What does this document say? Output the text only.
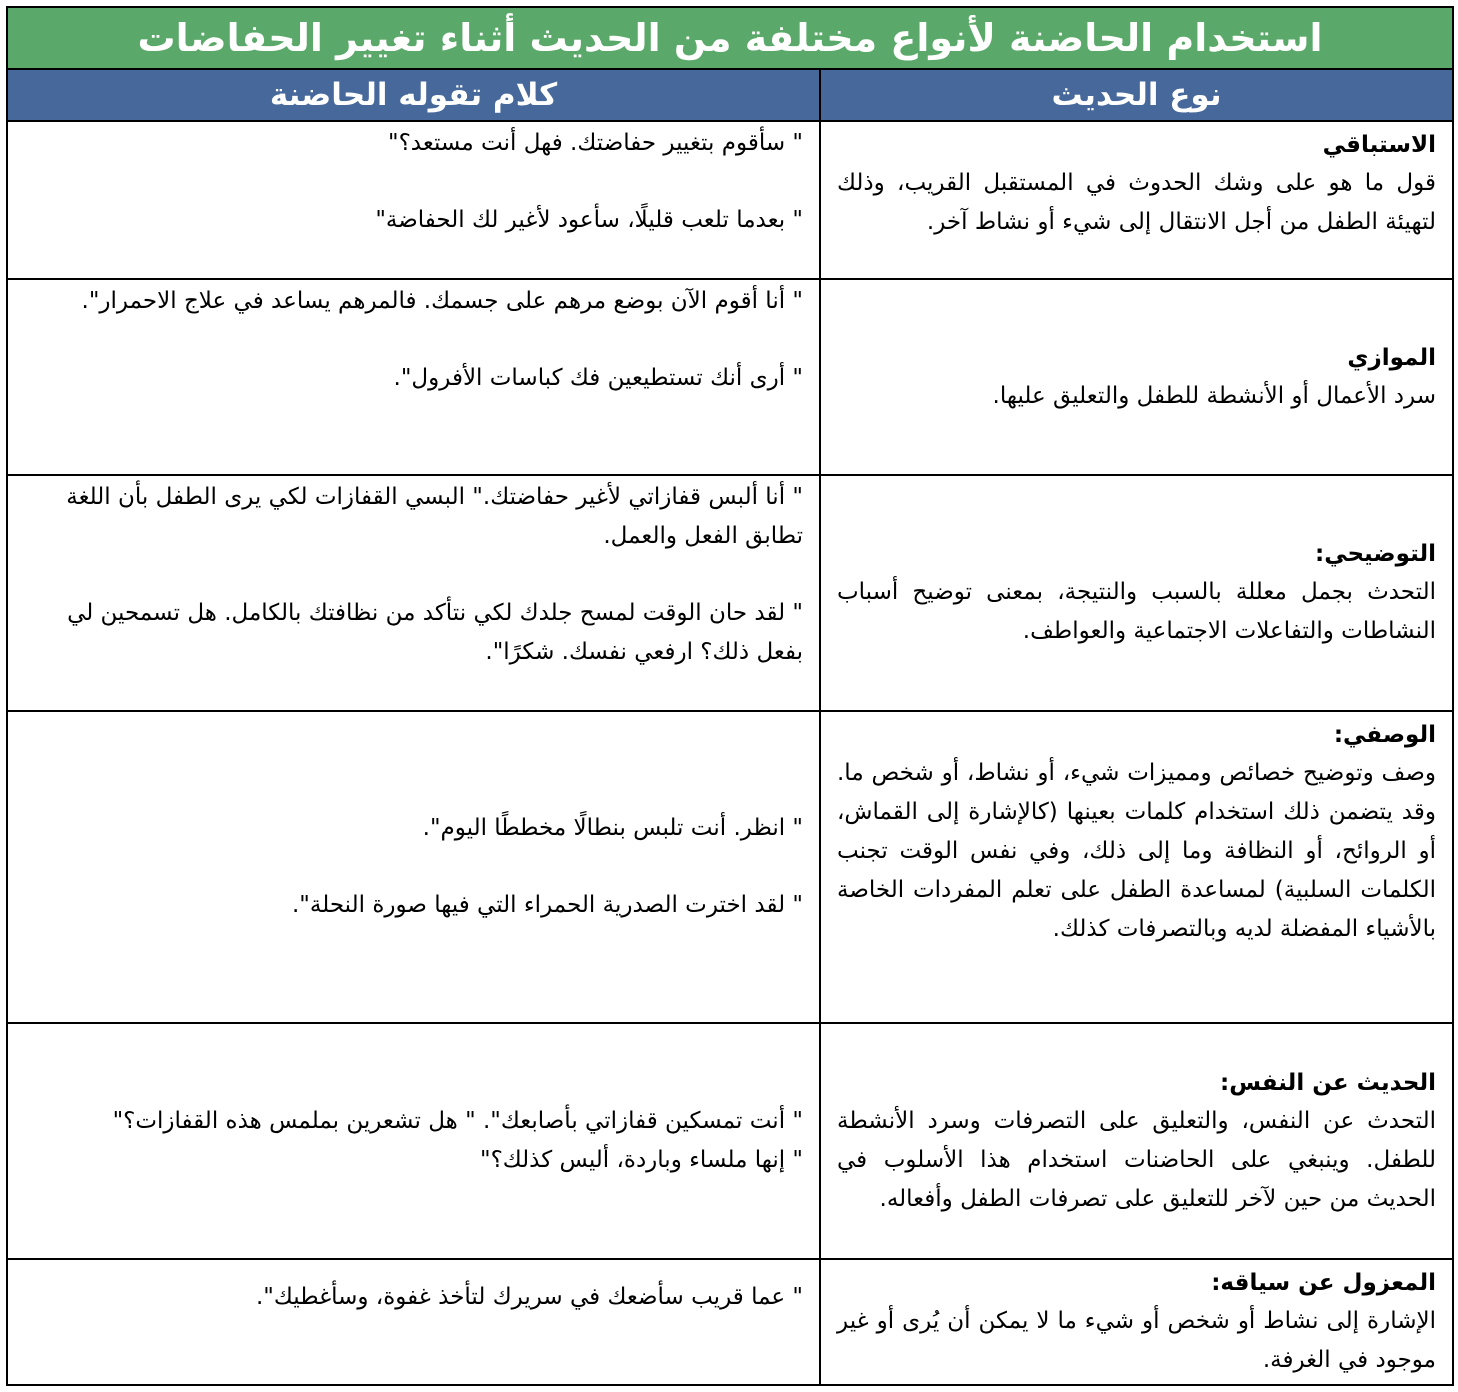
استخدام الحاضنة لأنواع مختلفة من الحديث أثناء تغيير الحفاضات	
نوع الحديث	كلام تقوله الحاضنة

الاستباقي
قول ما هو على وشك الحدوث في المستقبل القريب، وذلك لتهيئة الطفل من أجل الانتقال إلى شيء أو نشاط آخر.	" سأقوم بتغيير حفاضتك. فهل أنت مستعد؟"
" بعدما تلعب قليلًا، سأعود لأغير لك الحفاضة"

الموازي
سرد الأعمال أو الأنشطة للطفل والتعليق عليها.	" أنا أقوم الآن بوضع مرهم على جسمك. فالمرهم يساعد في علاج الاحمرار".
" أرى أنك تستطيعين فك كباسات الأفرول".

التوضيحي:
التحدث بجمل معللة بالسبب والنتيجة، بمعنى توضيح أسباب النشاطات والتفاعلات الاجتماعية والعواطف.	" أنا ألبس قفازاتي لأغير حفاضتك." البسي القفازات لكي يرى الطفل بأن اللغة تطابق الفعل والعمل.
" لقد حان الوقت لمسح جلدك لكي نتأكد من نظافتك بالكامل. هل تسمحين لي بفعل ذلك؟ ارفعي نفسك. شكرًا".

الوصفي:
وصف وتوضيح خصائص ومميزات شيء، أو نشاط، أو شخص ما. وقد يتضمن ذلك استخدام كلمات بعينها (كالإشارة إلى القماش، أو الروائح، أو النظافة وما إلى ذلك، وفي نفس الوقت تجنب الكلمات السلبية) لمساعدة الطفل على تعلم المفردات الخاصة بالأشياء المفضلة لديه وبالتصرفات كذلك.	" انظر. أنت تلبس بنطالًا مخططًا اليوم".
" لقد اخترت الصدرية الحمراء التي فيها صورة النحلة".

الحديث عن النفس:
التحدث عن النفس، والتعليق على التصرفات وسرد الأنشطة للطفل. وينبغي على الحاضنات استخدام هذا الأسلوب في الحديث من حين لآخر للتعليق على تصرفات الطفل وأفعاله.	" أنت تمسكين قفازاتي بأصابعك". " هل تشعرين بملمس هذه القفازات؟"
" إنها ملساء وباردة، أليس كذلك؟"

المعزول عن سياقه:
الإشارة إلى نشاط أو شخص أو شيء ما لا يمكن أن يُرى أو غير موجود في الغرفة.	" عما قريب سأضعك في سريرك لتأخذ غفوة، وسأغطيك".
